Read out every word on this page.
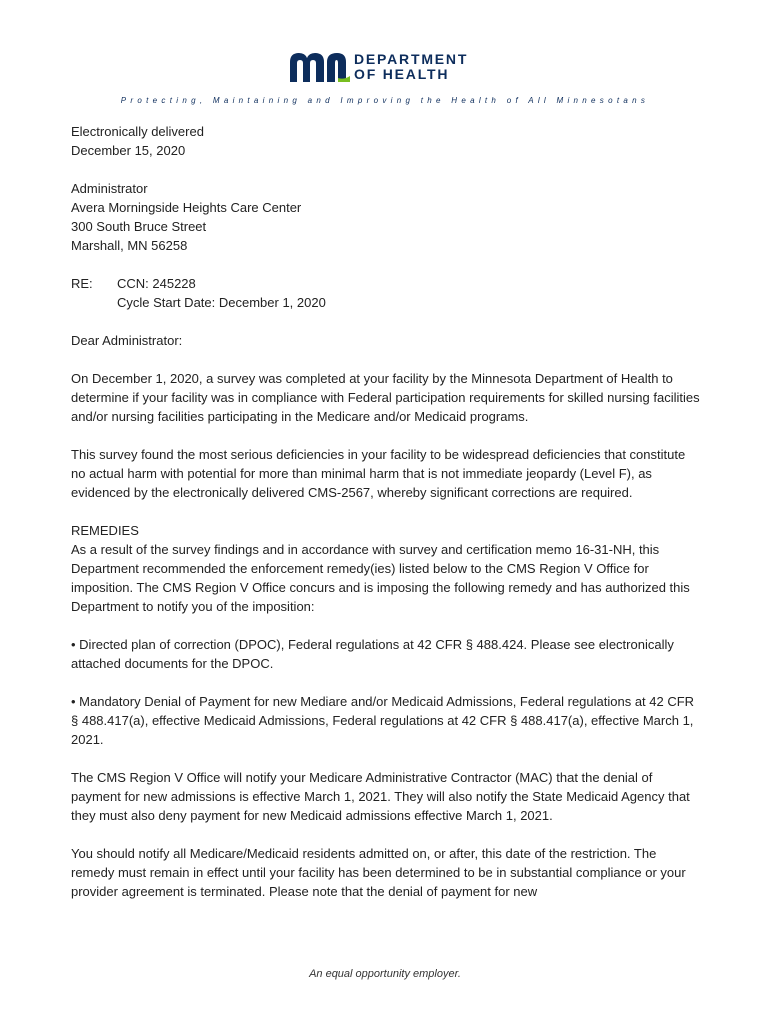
DEPARTMENT
OF HEALTH
Protecting, Maintaining and Improving the Health of All Minnesotans

Electronically delivered

December 15, 2020

Administrator

Avera Morningside Heights Care Center

300 South Bruce Street

Marshall, MN 56258

RE:	CCN: 245228

Cycle Start Date: December 1, 2020

Dear Administrator:

On December 1, 2020, a survey was completed at your facility by the Minnesota Department of Health to determine if your facility was in compliance with Federal participation requirements for skilled nursing facilities and/or nursing facilities participating in the Medicare and/or Medicaid programs.

This survey found the most serious deficiencies in your facility to be widespread deficiencies that constitute no actual harm with potential for more than minimal harm that is not immediate jeopardy (Level F), as evidenced by the electronically delivered CMS-2567, whereby significant corrections are required.

REMEDIES

As a result of the survey findings and in accordance with survey and certification memo 16-31-NH, this Department recommended the enforcement remedy(ies) listed below to the CMS Region V Office for imposition. The CMS Region V Office concurs and is imposing the following remedy and has authorized this Department to notify you of the imposition:

• Directed plan of correction (DPOC), Federal regulations at 42 CFR § 488.424. Please see electronically attached documents for the DPOC.

• Mandatory Denial of Payment for new Mediare and/or Medicaid Admissions, Federal regulations at 42 CFR § 488.417(a), effective Medicaid Admissions, Federal regulations at 42 CFR § 488.417(a), effective March 1, 2021.

The CMS Region V Office will notify your Medicare Administrative Contractor (MAC) that the denial of payment for new admissions is effective March 1, 2021. They will also notify the State Medicaid Agency that they must also deny payment for new Medicaid admissions effective March 1, 2021.

You should notify all Medicare/Medicaid residents admitted on, or after, this date of the restriction. The remedy must remain in effect until your facility has been determined to be in substantial compliance or your provider agreement is terminated. Please note that the denial of payment for new

An equal opportunity employer.
